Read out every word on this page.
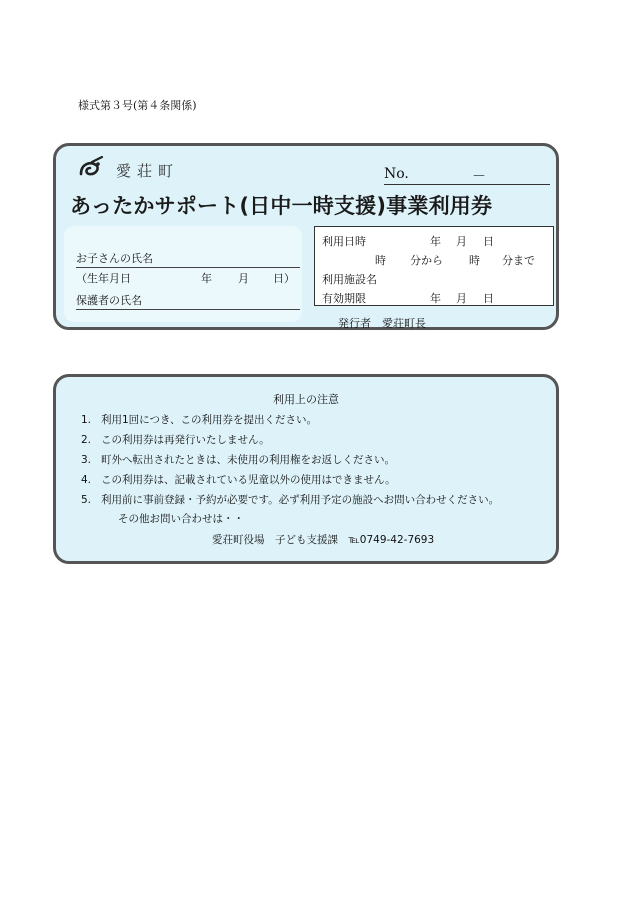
様式第３号(第４条関係)
愛荘町	No.	－
あったかサポート(日中一時支援)事業利用券
お子さんの氏名
（生年月日	年 月 日）
保護者の氏名
利用日時	年 月 日
時 分から 時 分まで
利用施設名
有効期限	年 月 日
発行者　愛荘町長
利用上の注意
1. 利用1回につき、この利用券を提出ください。
2. この利用券は再発行いたしません。
3. 町外へ転出されたときは、未使用の利用権をお返しください。
4. この利用券は、記載されている児童以外の使用はできません。
5. 利用前に事前登録・予約が必要です。必ず利用予定の施設へお問い合わせください。
その他お問い合わせは・・
愛荘町役場　子ども支援課　℡0749-42-7693
